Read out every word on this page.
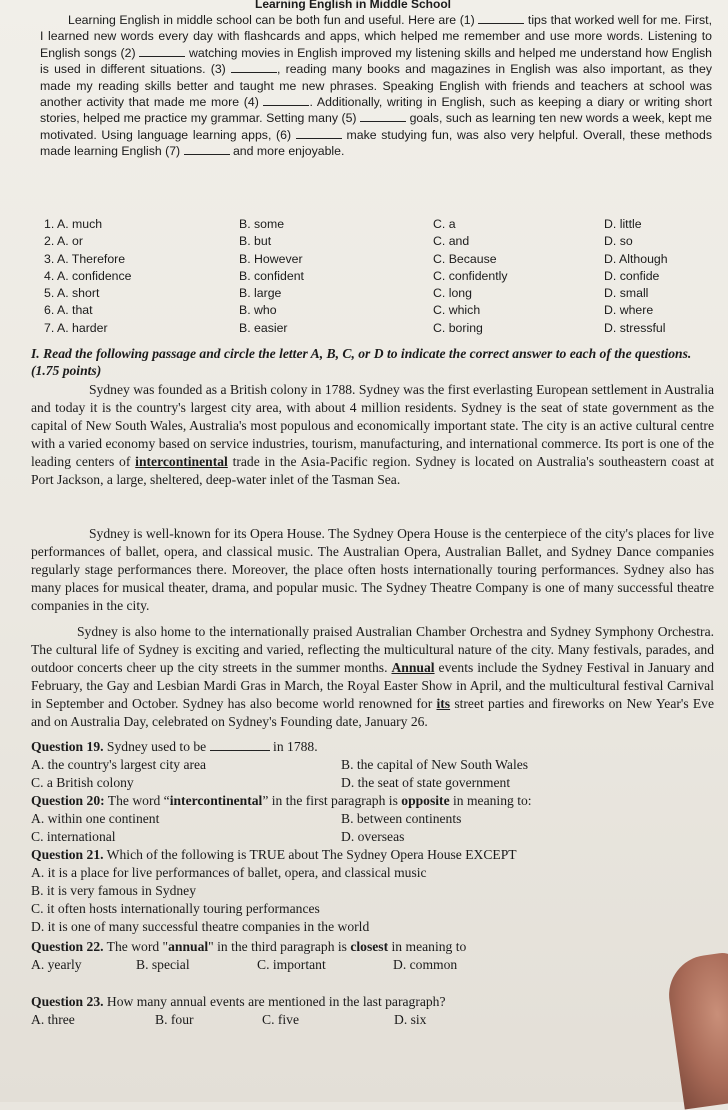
Learning English in Middle School
Learning English in middle school can be both fun and useful. Here are (1)	tips that worked well for me. First, I learned new words every day with flashcards and apps, which helped me remember and use more words. Listening to English songs (2)	watching movies in English improved my listening skills and helped me understand how English is used in different situations. (3)	, reading many books and magazines in English was also important, as they made my reading skills better and taught me new phrases. Speaking English with friends and teachers at school was another activity that made me more (4)	. Additionally, writing in English, such as keeping a diary or writing short stories, helped me practice my grammar. Setting many (5)	goals, such as learning ten new words a week, kept me motivated. Using language learning apps, (6)	make studying fun, was also very helpful. Overall, these methods made learning English (7)	and more enjoyable.
1. A. much	B. some	C. a	D. little
2. A. or	B. but	C. and	D. so
3. A. Therefore	B. However	C. Because	D. Although
4. A. confidence	B. confident	C. confidently	D. confide
5. A. short	B. large	C. long	D. small
6. A. that	B. who	C. which	D. where
7. A. harder	B. easier	C. boring	D. stressful
I. Read the following passage and circle the letter A, B, C, or D to indicate the correct answer to each of the questions. (1.75 points)
Sydney was founded as a British colony in 1788. Sydney was the first everlasting European settlement in Australia and today it is the country's largest city area, with about 4 million residents. Sydney is the seat of state government as the capital of New South Wales, Australia's most populous and economically important state. The city is an active cultural centre with a varied economy based on service industries, tourism, manufacturing, and international commerce. Its port is one of the leading centers of intercontinental trade in the Asia-Pacific region. Sydney is located on Australia's southeastern coast at Port Jackson, a large, sheltered, deep-water inlet of the Tasman Sea.
Sydney is well-known for its Opera House. The Sydney Opera House is the centerpiece of the city's places for live performances of ballet, opera, and classical music. The Australian Opera, Australian Ballet, and Sydney Dance companies regularly stage performances there. Moreover, the place often hosts internationally touring performances. Sydney also has many places for musical theater, drama, and popular music. The Sydney Theatre Company is one of many successful theatre companies in the city.
Sydney is also home to the internationally praised Australian Chamber Orchestra and Sydney Symphony Orchestra. The cultural life of Sydney is exciting and varied, reflecting the multicultural nature of the city. Many festivals, parades, and outdoor concerts cheer up the city streets in the summer months. Annual events include the Sydney Festival in January and February, the Gay and Lesbian Mardi Gras in March, the Royal Easter Show in April, and the multicultural festival Carnival in September and October. Sydney has also become world renowned for its street parties and fireworks on New Year's Eve and on Australia Day, celebrated on Sydney's Founding date, January 26.
Question 19. Sydney used to be	in 1788.
A. the country's largest city area	B. the capital of New South Wales
C. a British colony	D. the seat of state government
Question 20: The word “intercontinental” in the first paragraph is opposite in meaning to:
A. within one continent	B. between continents
C. international	D. overseas
Question 21. Which of the following is TRUE about The Sydney Opera House EXCEPT
A. it is a place for live performances of ballet, opera, and classical music
B. it is very famous in Sydney
C. it often hosts internationally touring performances
D. it is one of many successful theatre companies in the world
Question 22. The word "annual" in the third paragraph is closest in meaning to
A. yearly	B. special	C. important	D. common
Question 23. How many annual events are mentioned in the last paragraph?
A. three	B. four	C. five	D. six
